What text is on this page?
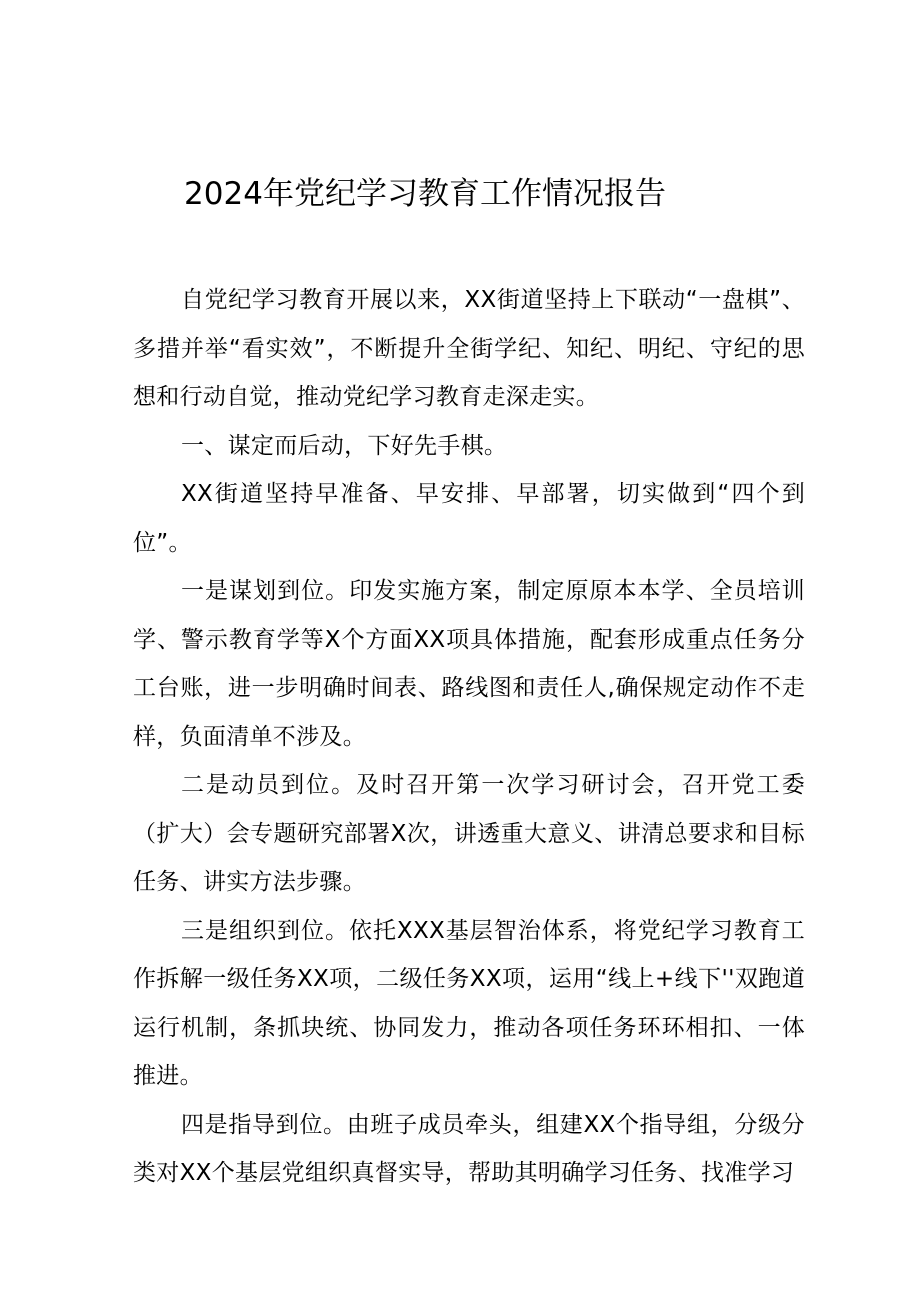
2024年党纪学习教育工作情况报告

自党纪学习教育开展以来，XX街道坚持上下联动“一盘棋”、多措并举“看实效”，不断提升全街学纪、知纪、明纪、守纪的思想和行动自觉，推动党纪学习教育走深走实。

一、谋定而后动，下好先手棋。

XX街道坚持早准备、早安排、早部署，切实做到“四个到位”。

一是谋划到位。印发实施方案，制定原原本本学、全员培训学、警示教育学等X个方面XX项具体措施，配套形成重点任务分工台账，进一步明确时间表、路线图和责任人,确保规定动作不走样，负面清单不涉及。

二是动员到位。及时召开第一次学习研讨会，召开党工委（扩大）会专题研究部署X次，讲透重大意义、讲清总要求和目标任务、讲实方法步骤。

三是组织到位。依托XXX基层智治体系，将党纪学习教育工作拆解一级任务XX项，二级任务XX项，运用“线上+线下''双跑道运行机制，条抓块统、协同发力，推动各项任务环环相扣、一体推进。

四是指导到位。由班子成员牵头，组建XX个指导组，分级分类对XX个基层党组织真督实导，帮助其明确学习任务、找准学习
